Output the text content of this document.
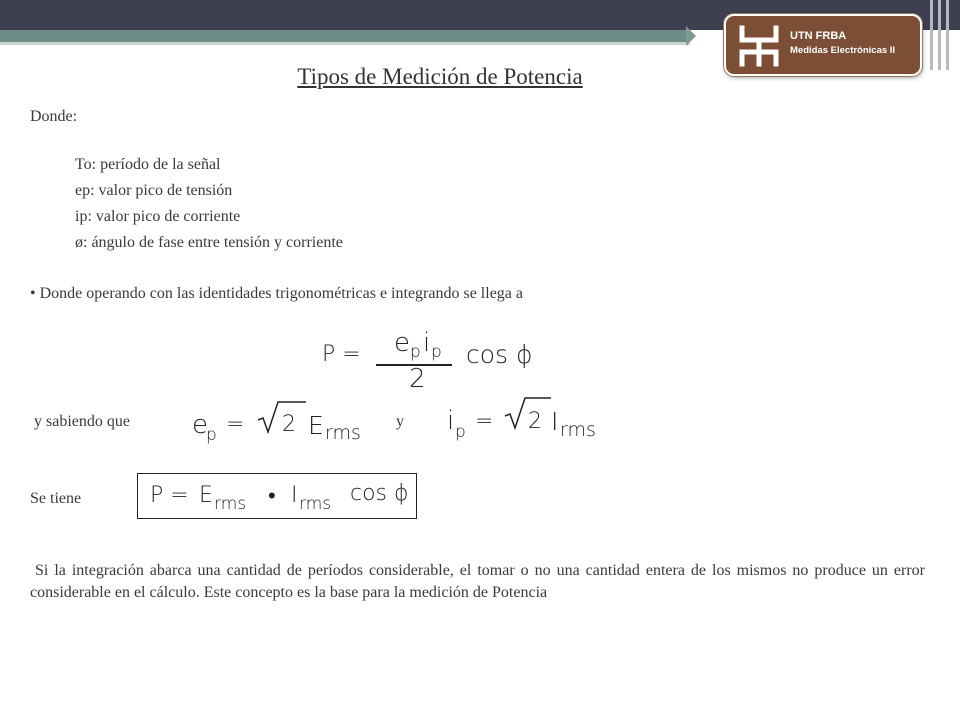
UTN FRBA
Medidas Electrónicas II
Tipos de Medición de Potencia
Donde:
To: período de la señal
ep: valor pico de tensión
ip: valor pico de corriente
ø: ángulo de fase entre tensión y corriente
• Donde operando con las identidades trigonométricas e integrando se llega a
P = e p i p
2
cos ϕ
y sabiendo que e
p = 2 E rms
y i p = 2 I rms
Se tiene	P = E rms • I rms cos ϕ
Si la integración abarca una cantidad de períodos considerable, el tomar o no una cantidad entera de los mismos no produce un error considerable en el cálculo. Este concepto es la base para la medición de Potencia
